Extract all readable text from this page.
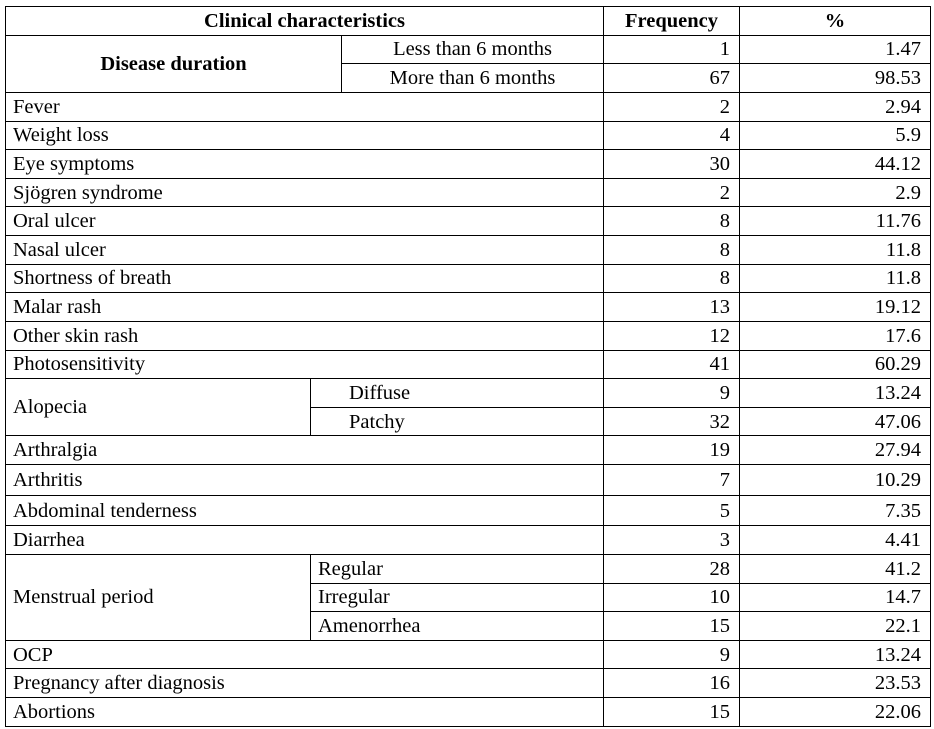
Clinical characteristics			Frequency	%
Disease duration		Less than 6 months	1	1.47
		More than 6 months	67	98.53
Fever			2	2.94
Weight loss			4	5.9
Eye symptoms			30	44.12
Sjögren syndrome			2	2.9
Oral ulcer			8	11.76
Nasal ulcer			8	11.8
Shortness of breath			8	11.8
Malar rash			13	19.12
Other skin rash			12	17.6
Photosensitivity			41	60.29
Alopecia	Diffuse		9	13.24
	Patchy		32	47.06
Arthralgia			19	27.94
Arthritis			7	10.29
Abdominal tenderness			5	7.35
Diarrhea			3	4.41
Menstrual period	Regular		28	41.2
	Irregular		10	14.7
	Amenorrhea		15	22.1
OCP			9	13.24
Pregnancy after diagnosis			16	23.53
Abortions			15	22.06
